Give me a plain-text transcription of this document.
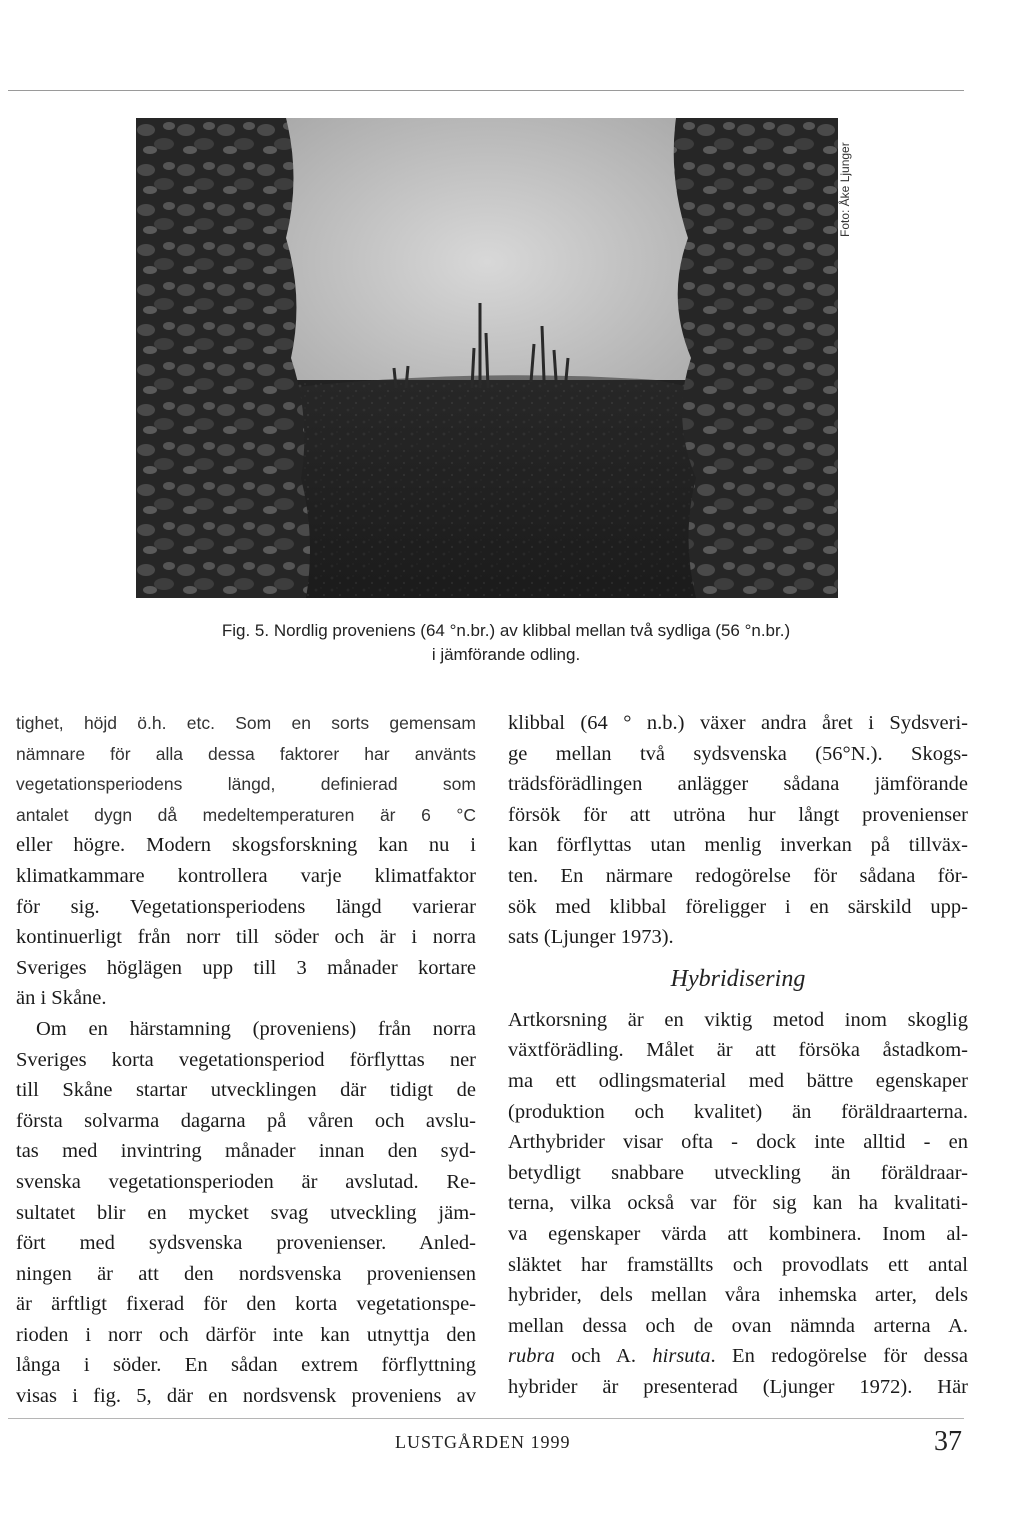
Foto: Åke Ljunger
Fig. 5. Nordlig proveniens (64 °n.br.) av klibbal mellan två sydliga (56 °n.br.)
i jämförande odling.
tighet, höjd ö.h. etc. Som en sorts gemensam
nämnare för alla dessa faktorer har använts
vegetationsperiodens längd, definierad som
antalet dygn då medeltemperaturen är 6 °C
eller högre. Modern skogsforskning kan nu i
klimatkammare kontrollera varje klimatfaktor
för sig. Vegetationsperiodens längd varierar
kontinuerligt från norr till söder och är i norra
Sveriges höglägen upp till 3 månader kortare
än i Skåne.
Om en härstamning (proveniens) från norra
Sveriges korta vegetationsperiod förflyttas ner
till Skåne startar utvecklingen där tidigt de
första solvarma dagarna på våren och avslu-
tas med invintring månader innan den syd-
svenska vegetationsperioden är avslutad. Re-
sultatet blir en mycket svag utveckling jäm-
fört med sydsvenska provenienser. Anled-
ningen är att den nordsvenska proveniensen
är ärftligt fixerad för den korta vegetationspe-
rioden i norr och därför inte kan utnyttja den
långa i söder. En sådan extrem förflyttning
visas i fig. 5, där en nordsvensk proveniens av
klibbal (64 ° n.b.) växer andra året i Sydsveri-
ge mellan två sydsvenska (56°N.). Skogs-
trädsförädlingen anlägger sådana jämförande
försök för att utröna hur långt provenienser
kan förflyttas utan menlig inverkan på tillväx-
ten. En närmare redogörelse för sådana för-
sök med klibbal föreligger i en särskild upp-
sats (Ljunger 1973).
Hybridisering
Artkorsning är en viktig metod inom skoglig
växtförädling. Målet är att försöka åstadkom-
ma ett odlingsmaterial med bättre egenskaper
(produktion och kvalitet) än föräldraarterna.
Arthybrider visar ofta - dock inte alltid - en
betydligt snabbare utveckling än föräldraar-
terna, vilka också var för sig kan ha kvalitati-
va egenskaper värda att kombinera. Inom al-
släktet har framställts och provodlats ett antal
hybrider, dels mellan våra inhemska arter, dels
mellan dessa och de ovan nämnda arterna A.
rubra och A. hirsuta. En redogörelse för dessa
hybrider är presenterad (Ljunger 1972). Här
LUSTGÅRDEN 1999	37
